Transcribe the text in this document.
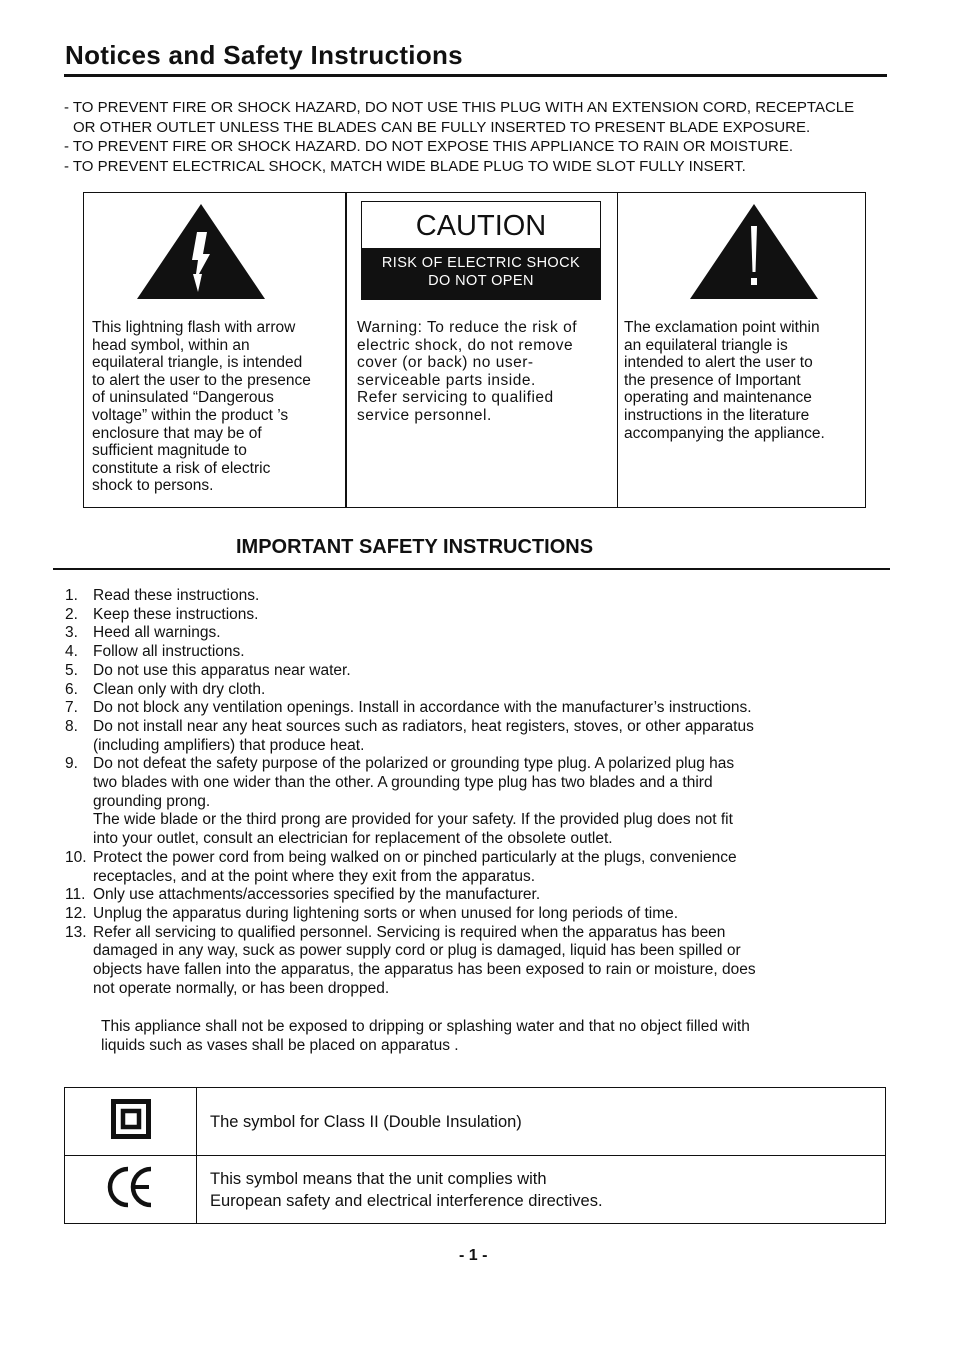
Notices and Safety Instructions
- TO PREVENT FIRE OR SHOCK HAZARD, DO NOT USE THIS PLUG WITH AN EXTENSION CORD, RECEPTACLE
OR OTHER OUTLET UNLESS THE BLADES CAN BE FULLY INSERTED TO PRESENT BLADE EXPOSURE.
- TO PREVENT FIRE OR SHOCK HAZARD. DO NOT EXPOSE THIS APPLIANCE TO RAIN OR MOISTURE.
- TO PREVENT ELECTRICAL SHOCK, MATCH WIDE BLADE PLUG TO WIDE SLOT FULLY INSERT.
This lightning flash with arrow
head symbol, within an
equilateral triangle, is intended
to alert the user to the presence
of uninsulated “Dangerous
voltage” within the product ’s
enclosure that may be of
sufficient magnitude to
constitute a risk of electric
shock to persons.
CAUTION
RISK OF ELECTRIC SHOCK
DO NOT OPEN
Warning: To reduce the risk of
electric shock, do not remove
cover (or back) no user-
serviceable parts inside.
Refer servicing to qualified
service personnel.
The exclamation point within
an equilateral triangle is
intended to alert the user to
the presence of Important
operating and maintenance
instructions in the literature
accompanying the appliance.
IMPORTANT SAFETY INSTRUCTIONS
1. Read these instructions.
2. Keep these instructions.
3. Heed all warnings.
4. Follow all instructions.
5. Do not use this apparatus near water.
6. Clean only with dry cloth.
7. Do not block any ventilation openings. Install in accordance with the manufacturer’s instructions.
8. Do not install near any heat sources such as radiators, heat registers, stoves, or other apparatus
(including amplifiers) that produce heat.
9. Do not defeat the safety purpose of the polarized or grounding type plug. A polarized plug has
two blades with one wider than the other. A grounding type plug has two blades and a third
grounding prong.
The wide blade or the third prong are provided for your safety. If the provided plug does not fit
into your outlet, consult an electrician for replacement of the obsolete outlet.
10. Protect the power cord from being walked on or pinched particularly at the plugs, convenience
receptacles, and at the point where they exit from the apparatus.
11. Only use attachments/accessories specified by the manufacturer.
12. Unplug the apparatus during lightening sorts or when unused for long periods of time.
13. Refer all servicing to qualified personnel. Servicing is required when the apparatus has been
damaged in any way, suck as power supply cord or plug is damaged, liquid has been spilled or
objects have fallen into the apparatus, the apparatus has been exposed to rain or moisture, does
not operate normally, or has been dropped.
This appliance shall not be exposed to dripping or splashing water and that no object filled with
liquids such as vases shall be placed on apparatus .

The symbol for Class II (Double Insulation)

This symbol means that the unit complies with
European safety and electrical interference directives.
- 1 -
